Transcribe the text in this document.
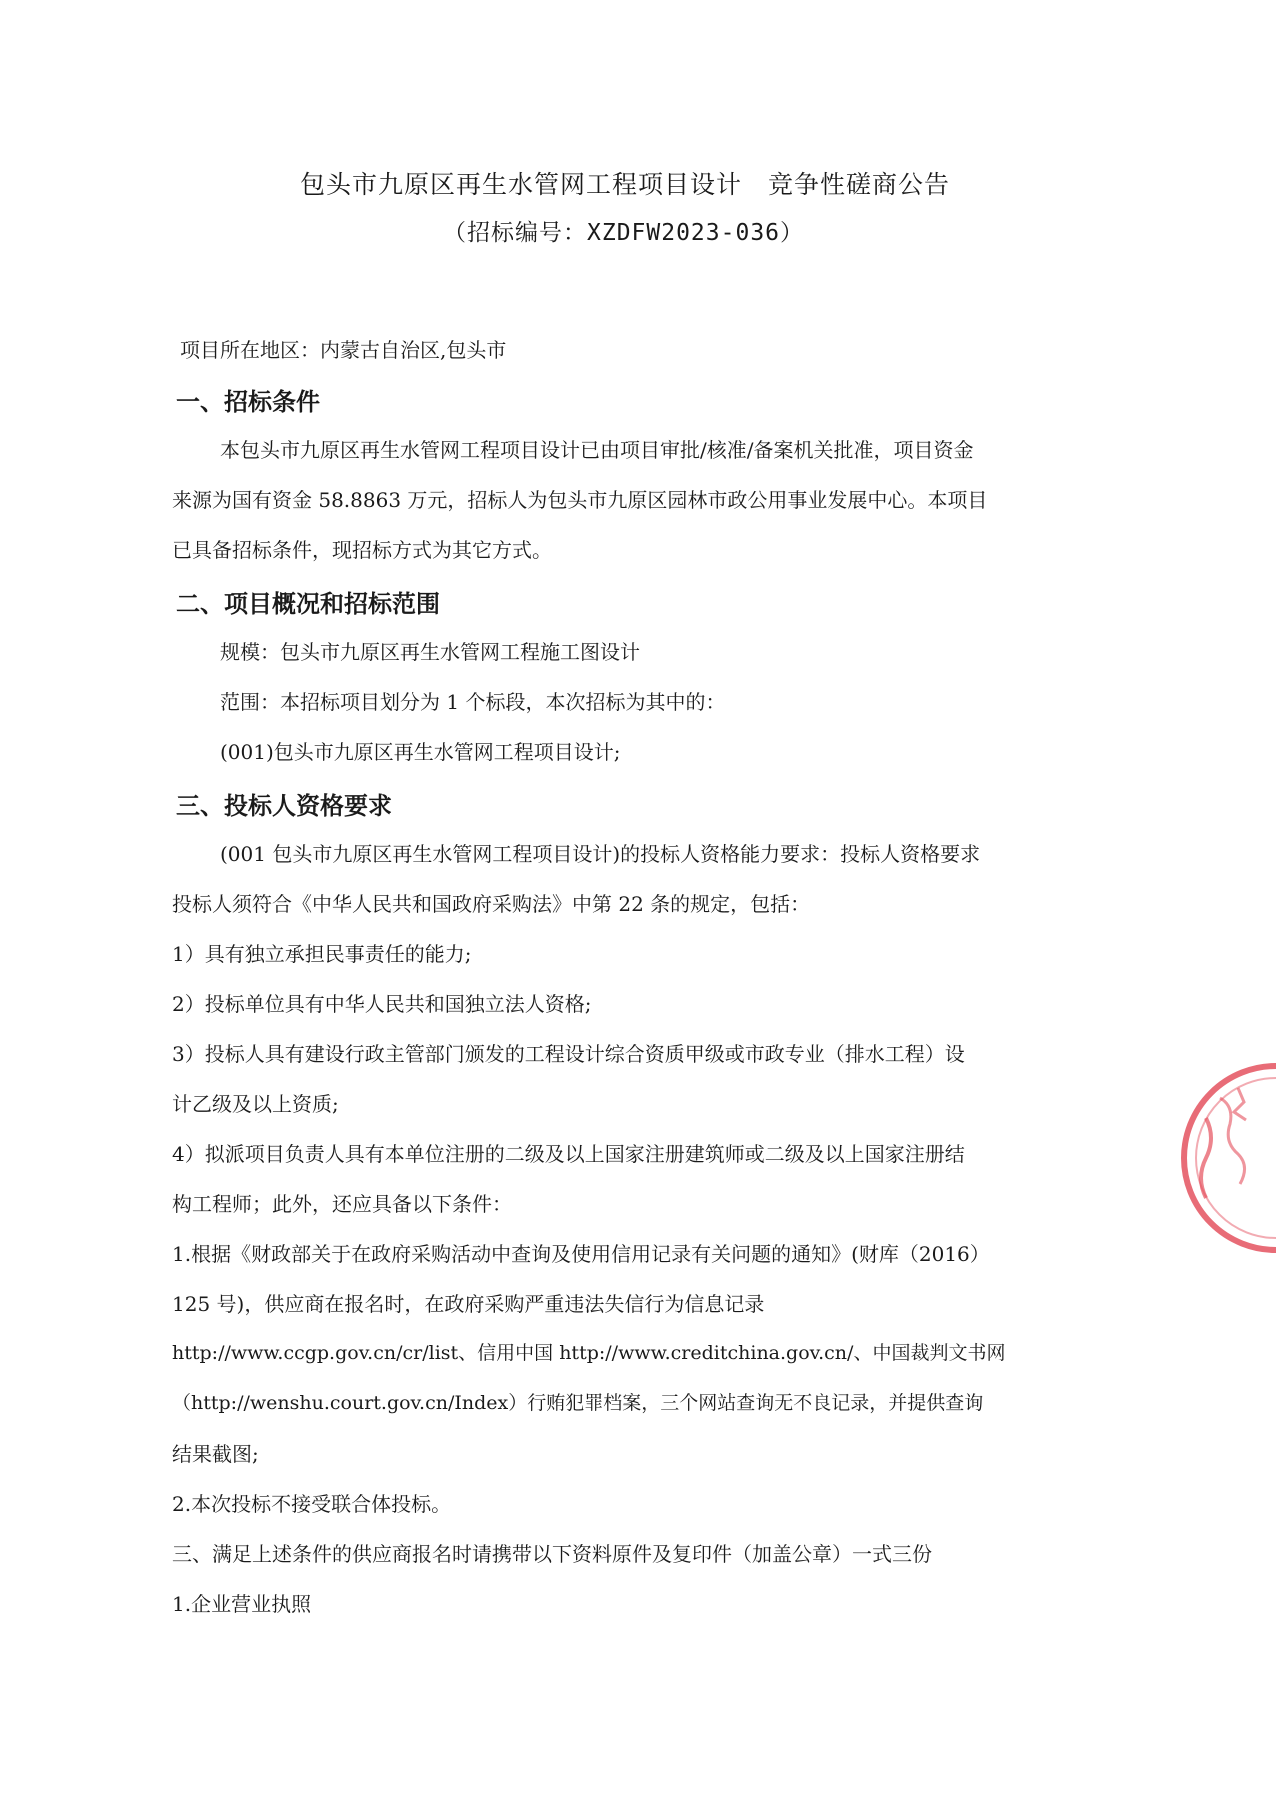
包头市九原区再生水管网工程项目设计　竞争性磋商公告
（招标编号：XZDFW2023-036）
项目所在地区：内蒙古自治区,包头市
一、招标条件
本包头市九原区再生水管网工程项目设计已由项目审批/核准/备案机关批准，项目资金
来源为国有资金 58.8863 万元，招标人为包头市九原区园林市政公用事业发展中心。本项目
已具备招标条件，现招标方式为其它方式。
二、项目概况和招标范围
规模：包头市九原区再生水管网工程施工图设计
范围：本招标项目划分为 1 个标段，本次招标为其中的：
(001)包头市九原区再生水管网工程项目设计;
三、投标人资格要求
(001 包头市九原区再生水管网工程项目设计)的投标人资格能力要求：投标人资格要求
投标人须符合《中华人民共和国政府采购法》中第 22 条的规定，包括：
1）具有独立承担民事责任的能力;
2）投标单位具有中华人民共和国独立法人资格;
3）投标人具有建设行政主管部门颁发的工程设计综合资质甲级或市政专业（排水工程）设
计乙级及以上资质;
4）拟派项目负责人具有本单位注册的二级及以上国家注册建筑师或二级及以上国家注册结
构工程师；此外，还应具备以下条件：
1.根据《财政部关于在政府采购活动中查询及使用信用记录有关问题的通知》(财库（2016）
125 号)，供应商在报名时，在政府采购严重违法失信行为信息记录
http://www.ccgp.gov.cn/cr/list、信用中国 http://www.creditchina.gov.cn/、中国裁判文书网
（http://wenshu.court.gov.cn/Index）行贿犯罪档案，三个网站查询无不良记录，并提供查询
结果截图;
2.本次投标不接受联合体投标。
三、满足上述条件的供应商报名时请携带以下资料原件及复印件（加盖公章）一式三份
1.企业营业执照
